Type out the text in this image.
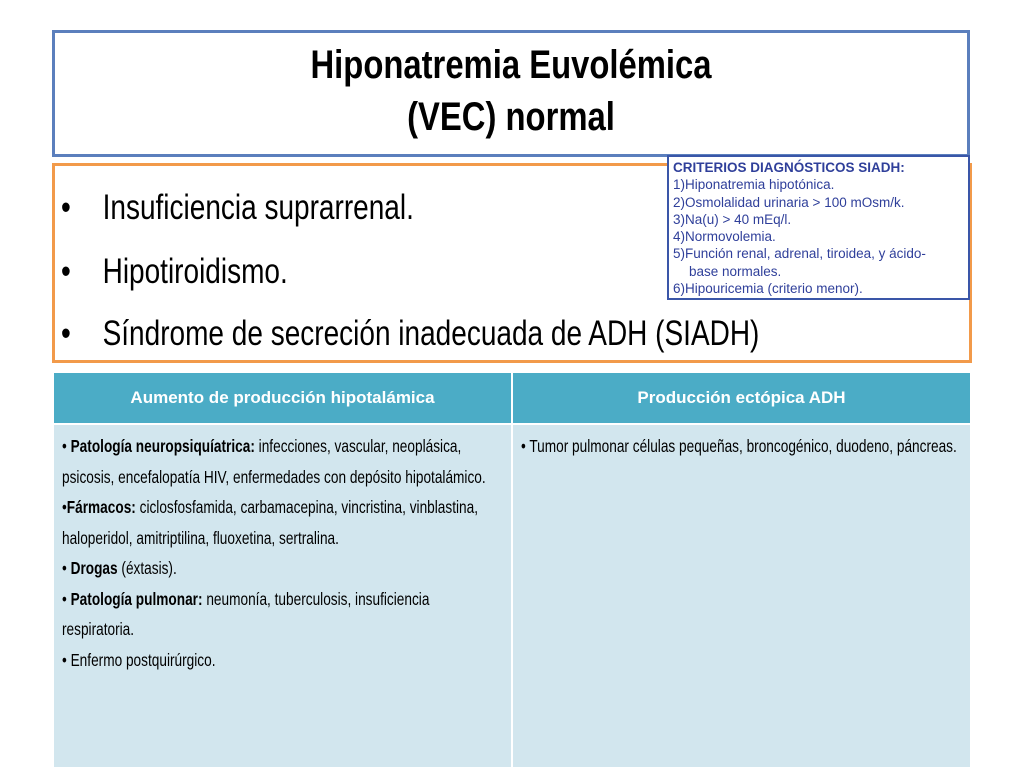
Hiponatremia Euvolémica
(VEC) normal
• Insuficiencia suprarrenal.
• Hipotiroidismo.
• Síndrome de secreción inadecuada de ADH (SIADH)
CRITERIOS DIAGNÓSTICOS SIADH:
1)Hiponatremia hipotónica.
2)Osmolalidad urinaria > 100 mOsm/k.
3)Na(u) > 40 mEq/l.
4)Normovolemia.
5)Función renal, adrenal, tiroidea, y ácido-
base normales.
6)Hipouricemia (criterio menor).
Aumento de producción hipotalámica	Producción ectópica ADH

• Patología neuropsiquíatrica: infecciones, vascular, neoplásica, psicosis, encefalopatía HIV, enfermedades con depósito hipotalámico.
•Fármacos: ciclosfosfamida, carbamacepina, vincristina, vinblastina, haloperidol, amitriptilina, fluoxetina, sertralina.
• Drogas (éxtasis).
• Patología pulmonar: neumonía, tuberculosis, insuficiencia respiratoria.
• Enfermo postquirúrgico.	• Tumor pulmonar células pequeñas, broncogénico, duodeno, páncreas.
